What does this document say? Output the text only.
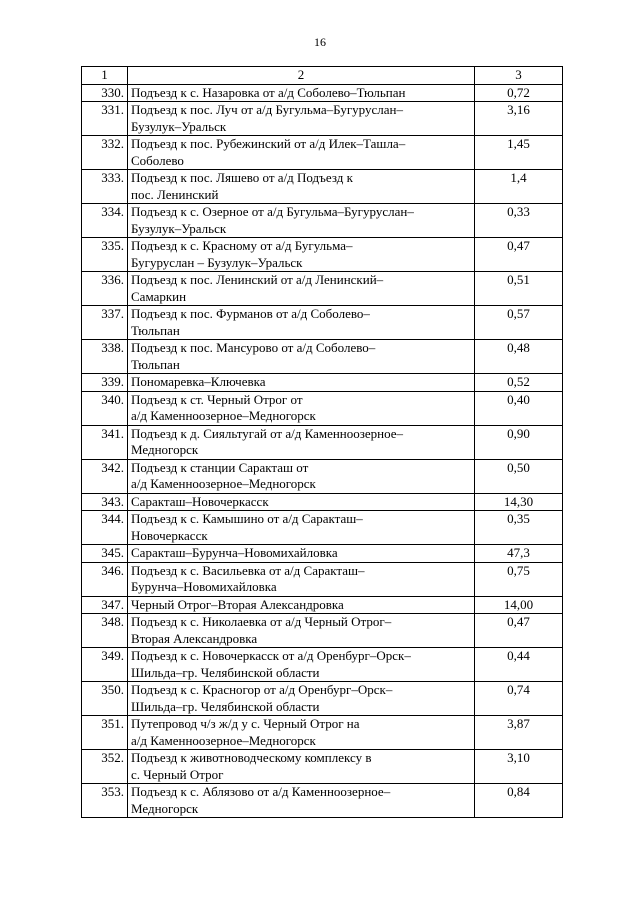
16
1	2	3
330.	Подъезд к с. Назаровка от а/д Соболево–Тюльпан	0,72
331.	Подъезд к пос. Луч от а/д Бугульма–Бугуруслан–
Бузулук–Уральск	3,16
332.	Подъезд к пос. Рубежинский от а/д Илек–Ташла–
Соболево	1,45
333.	Подъезд к пос. Ляшево от а/д Подъезд к
пос. Ленинский	1,4
334.	Подъезд к с. Озерное от а/д Бугульма–Бугуруслан–
Бузулук–Уральск	0,33
335.	Подъезд к с. Красному от а/д Бугульма–
Бугуруслан – Бузулук–Уральск	0,47
336.	Подъезд к пос. Ленинский от а/д Ленинский–
Самаркин	0,51
337.	Подъезд к пос. Фурманов от а/д Соболево–
Тюльпан	0,57
338.	Подъезд к пос. Мансурово от а/д Соболево–
Тюльпан	0,48
339.	Пономаревка–Ключевка	0,52
340.	Подъезд к ст. Черный Отрог от
а/д Каменноозерное–Медногорск	0,40
341.	Подъезд к д. Сияльтугай от а/д Каменноозерное–
Медногорск	0,90
342.	Подъезд к станции Саракташ от
а/д Каменноозерное–Медногорск	0,50
343.	Саракташ–Новочеркасск	14,30
344.	Подъезд к с. Камышино от а/д Саракташ–
Новочеркасск	0,35
345.	Саракташ–Бурунча–Новомихайловка	47,3
346.	Подъезд к с. Васильевка от а/д Саракташ–
Бурунча–Новомихайловка	0,75
347.	Черный Отрог–Вторая Александровка	14,00
348.	Подъезд к с. Николаевка от а/д Черный Отрог–
Вторая Александровка	0,47
349.	Подъезд к с. Новочеркасск от а/д Оренбург–Орск–
Шильда–гр. Челябинской области	0,44
350.	Подъезд к с. Красногор от а/д Оренбург–Орск–
Шильда–гр. Челябинской области	0,74
351.	Путепровод ч/з ж/д у с. Черный Отрог на
а/д Каменноозерное–Медногорск	3,87
352.	Подъезд к животноводческому комплексу в
с. Черный Отрог	3,10
353.	Подъезд к с. Аблязово от а/д Каменноозерное–
Медногорск	0,84
